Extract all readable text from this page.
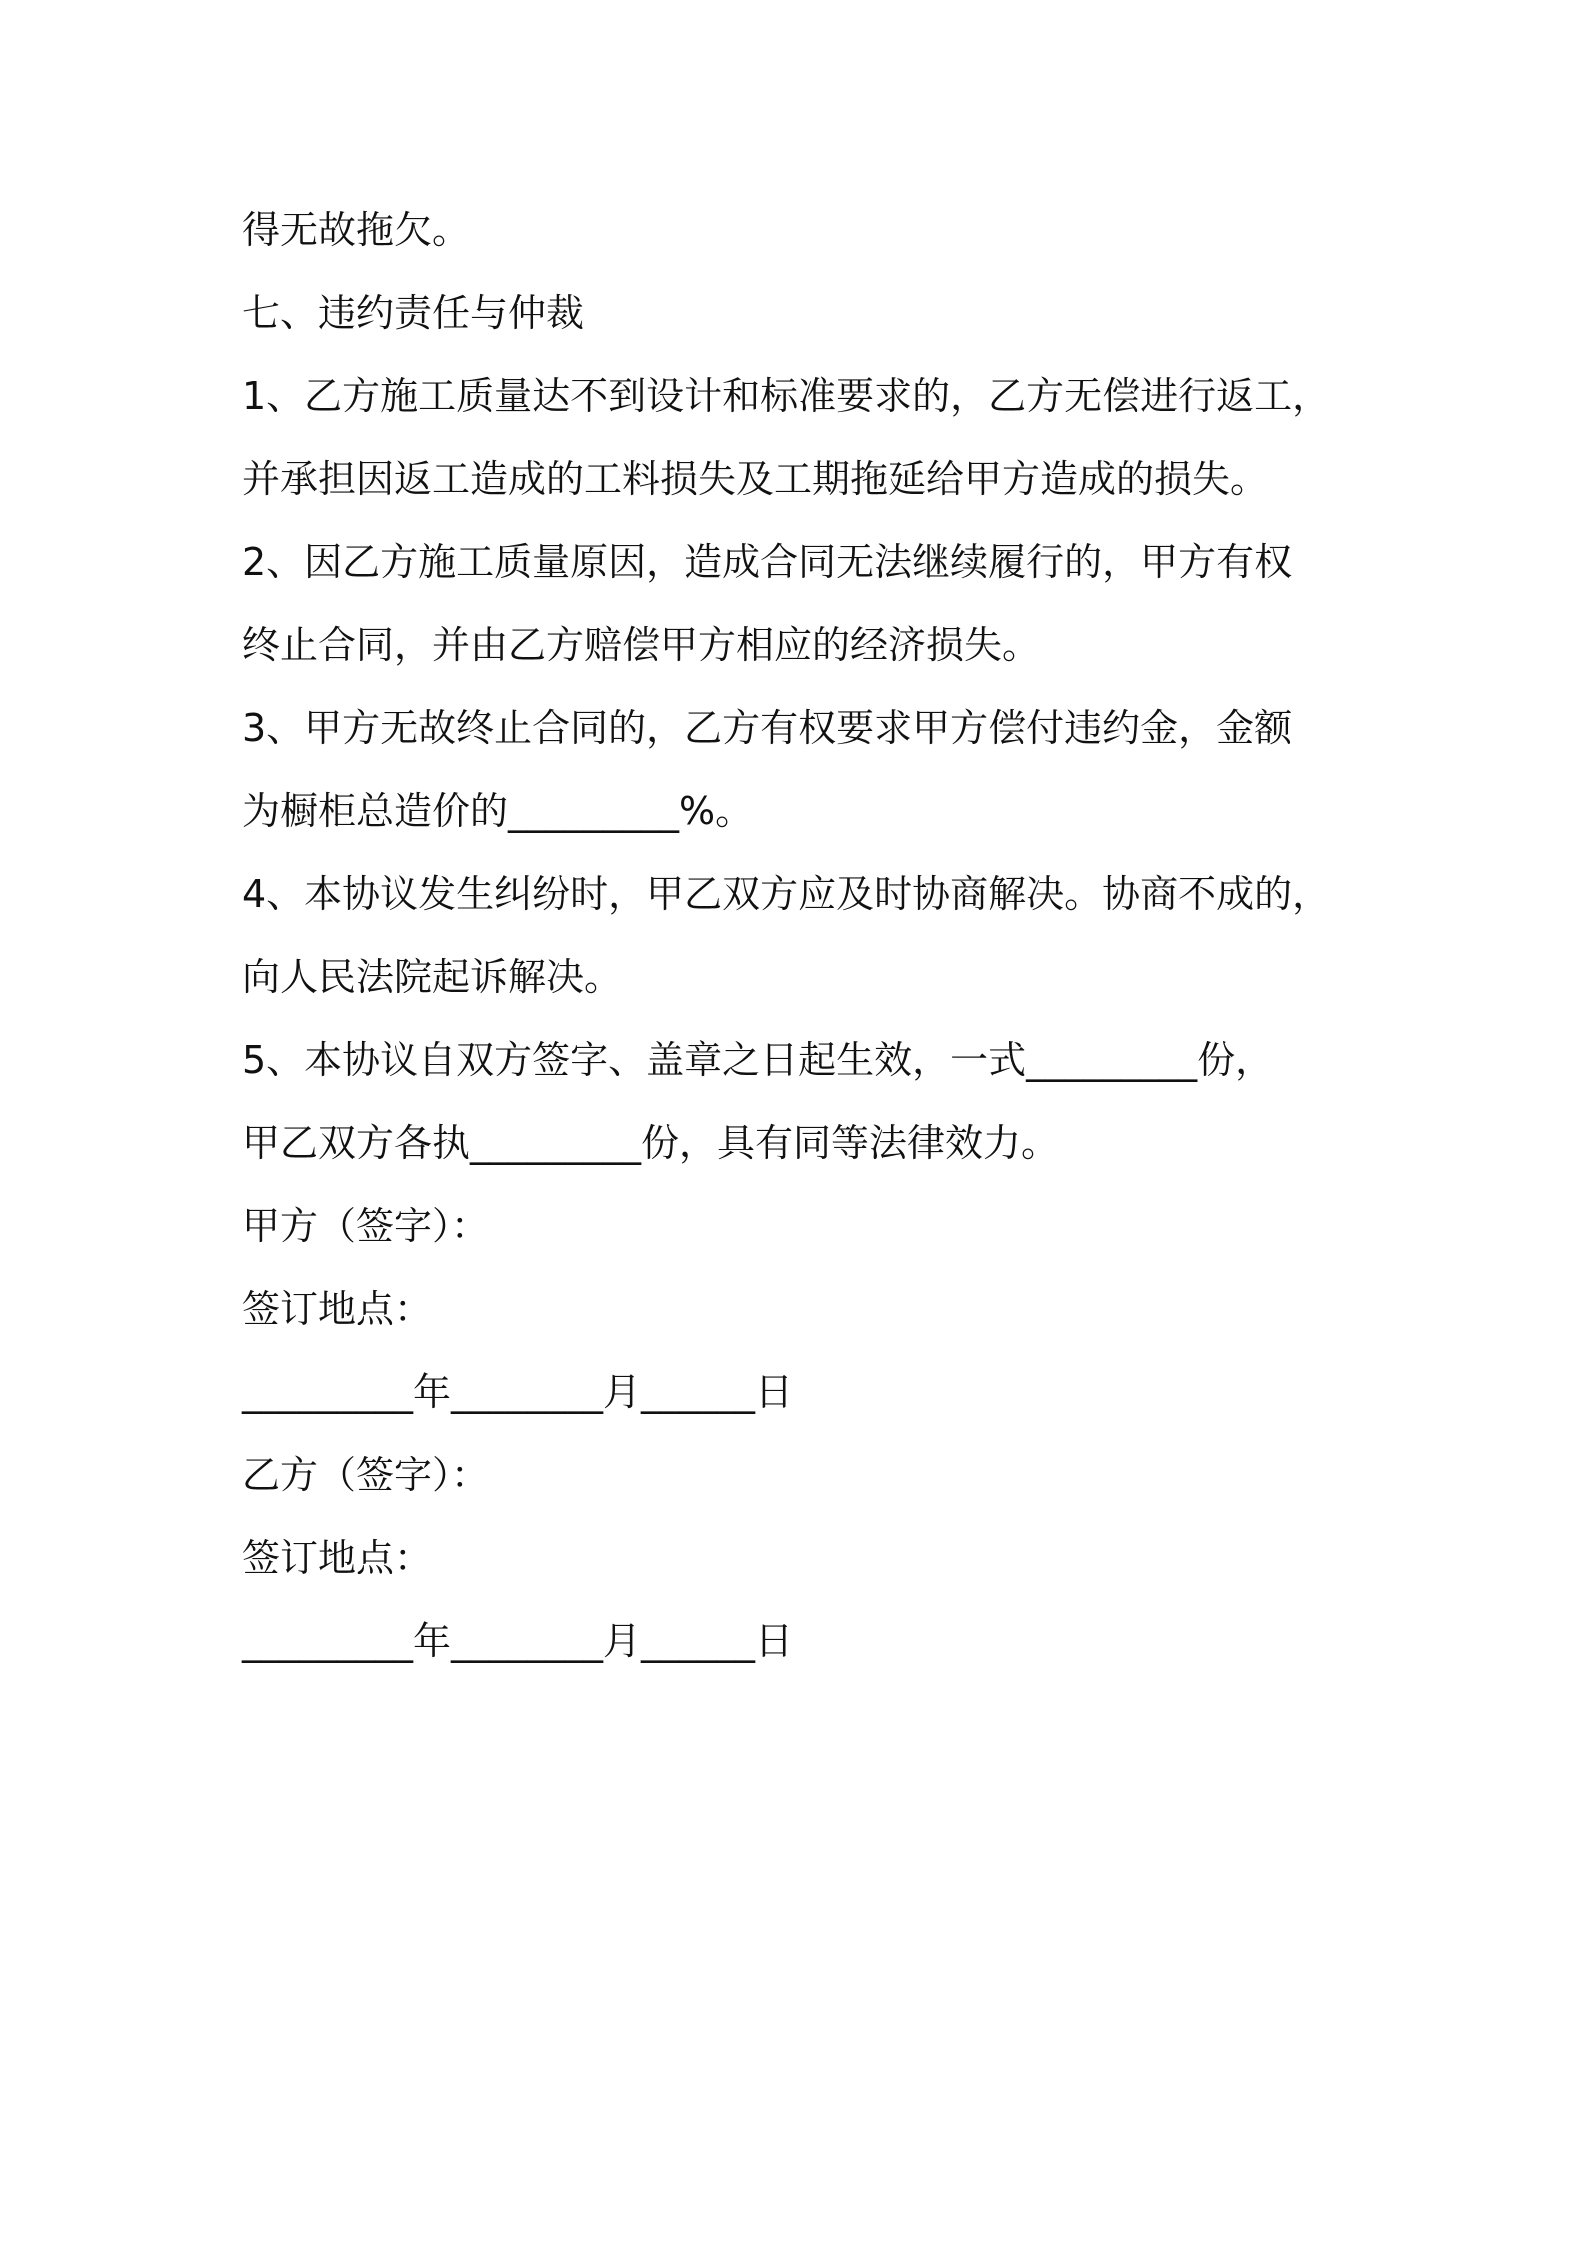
得无故拖欠。
七、违约责任与仲裁
1、乙方施工质量达不到设计和标准要求的，乙方无偿进行返工，
并承担因返工造成的工料损失及工期拖延给甲方造成的损失。
2、因乙方施工质量原因，造成合同无法继续履行的，甲方有权
终止合同，并由乙方赔偿甲方相应的经济损失。
3、甲方无故终止合同的，乙方有权要求甲方偿付违约金，金额
为橱柜总造价的_________%。
4、本协议发生纠纷时，甲乙双方应及时协商解决。协商不成的，
向人民法院起诉解决。
5、本协议自双方签字、盖章之日起生效，一式_________份，
甲乙双方各执_________份，具有同等法律效力。
甲方（签字）：
签订地点：
_________年________月______日
乙方（签字）：
签订地点：
_________年________月______日
